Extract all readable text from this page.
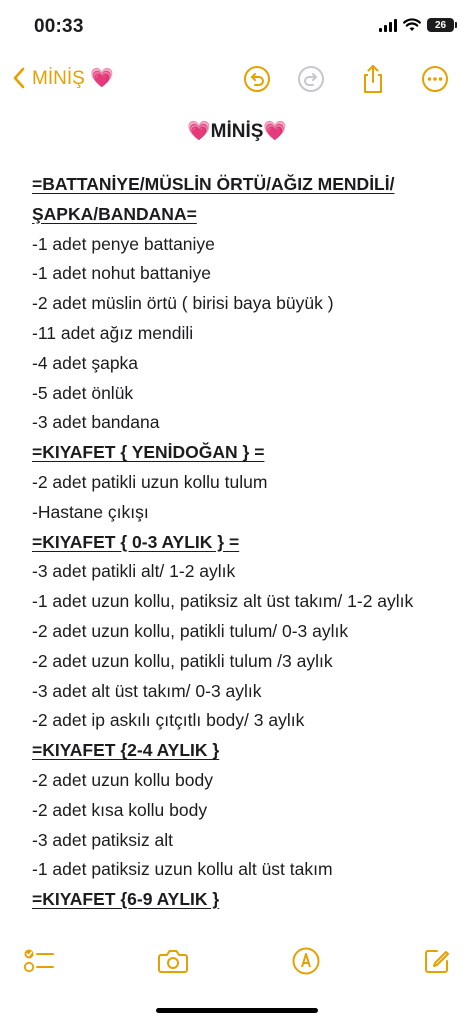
00:33	26
MİNİŞ 💗
💗MİNİŞ💗
=BATTANİYE/MÜSLİN ÖRTÜ/AĞIZ MENDİLİ/ ŞAPKA/BANDANA=
-1 adet penye battaniye
-1 adet nohut battaniye
-2 adet müslin örtü ( birisi baya büyük )
-11 adet ağız mendili
-4 adet şapka
-5 adet önlük
-3 adet bandana
=KIYAFET { YENİDOĞAN } =
-2 adet patikli uzun kollu tulum
-Hastane çıkışı
=KIYAFET { 0-3 AYLIK } =
-3 adet patikli alt/ 1-2 aylık
-1 adet uzun kollu, patiksiz alt üst takım/ 1-2 aylık
-2 adet uzun kollu, patikli tulum/ 0-3 aylık
-2 adet uzun kollu, patikli tulum /3 aylık
-3 adet alt üst takım/ 0-3 aylık
-2 adet ip askılı çıtçıtlı body/ 3 aylık
=KIYAFET {2-4 AYLIK }
-2 adet uzun kollu body
-2 adet kısa kollu body
-3 adet patiksiz alt
-1 adet patiksiz uzun kollu alt üst takım
=KIYAFET {6-9 AYLIK }
